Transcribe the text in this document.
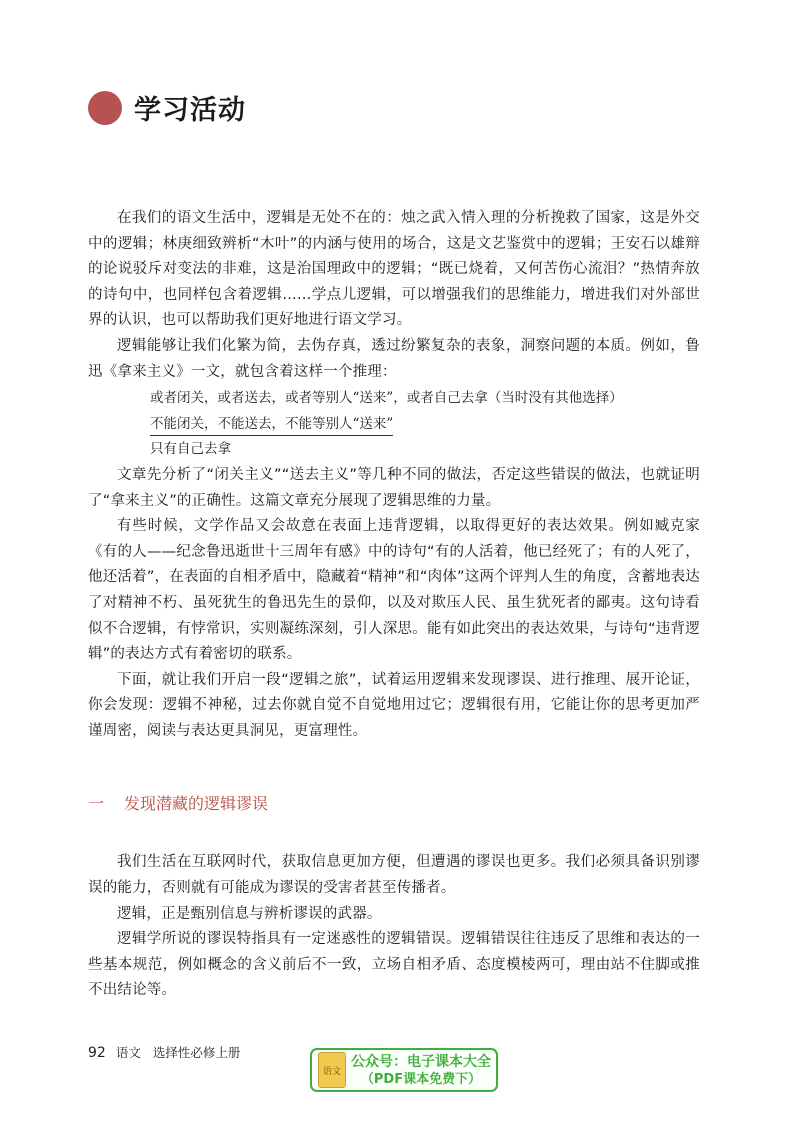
学习活动

在我们的语文生活中，逻辑是无处不在的：烛之武入情入理的分析挽救了国家，这是外交中的逻辑；林庚细致辨析“木叶”的内涵与使用的场合，这是文艺鉴赏中的逻辑；王安石以雄辩的论说驳斥对变法的非难，这是治国理政中的逻辑；“既已烧着，又何苦伤心流泪？”热情奔放的诗句中，也同样包含着逻辑……学点儿逻辑，可以增强我们的思维能力，增进我们对外部世界的认识，也可以帮助我们更好地进行语文学习。

逻辑能够让我们化繁为简，去伪存真，透过纷繁复杂的表象，洞察问题的本质。例如，鲁迅《拿来主义》一文，就包含着这样一个推理：

或者闭关，或者送去，或者等别人“送来”，或者自己去拿（当时没有其他选择）
不能闭关，不能送去，不能等别人“送来”
只有自己去拿

文章先分析了“闭关主义”“送去主义”等几种不同的做法，否定这些错误的做法，也就证明了“拿来主义”的正确性。这篇文章充分展现了逻辑思维的力量。

有些时候，文学作品又会故意在表面上违背逻辑，以取得更好的表达效果。例如臧克家《有的人——纪念鲁迅逝世十三周年有感》中的诗句“有的人活着，他已经死了；有的人死了，他还活着”，在表面的自相矛盾中，隐藏着“精神”和“肉体”这两个评判人生的角度，含蓄地表达了对精神不朽、虽死犹生的鲁迅先生的景仰，以及对欺压人民、虽生犹死者的鄙夷。这句诗看似不合逻辑，有悖常识，实则凝练深刻，引人深思。能有如此突出的表达效果，与诗句“违背逻辑”的表达方式有着密切的联系。

下面，就让我们开启一段“逻辑之旅”，试着运用逻辑来发现谬误、进行推理、展开论证，你会发现：逻辑不神秘，过去你就自觉不自觉地用过它；逻辑很有用，它能让你的思考更加严谨周密，阅读与表达更具洞见，更富理性。

一 发现潜藏的逻辑谬误

我们生活在互联网时代，获取信息更加方便，但遭遇的谬误也更多。我们必须具备识别谬误的能力，否则就有可能成为谬误的受害者甚至传播者。

逻辑，正是甄别信息与辨析谬误的武器。

逻辑学所说的谬误特指具有一定迷惑性的逻辑错误。逻辑错误往往违反了思维和表达的一些基本规范，例如概念的含义前后不一致，立场自相矛盾、态度模棱两可，理由站不住脚或推不出结论等。

92 语文 选择性必修上册
语文
公众号：电子课本大全
（PDF课本免费下）
